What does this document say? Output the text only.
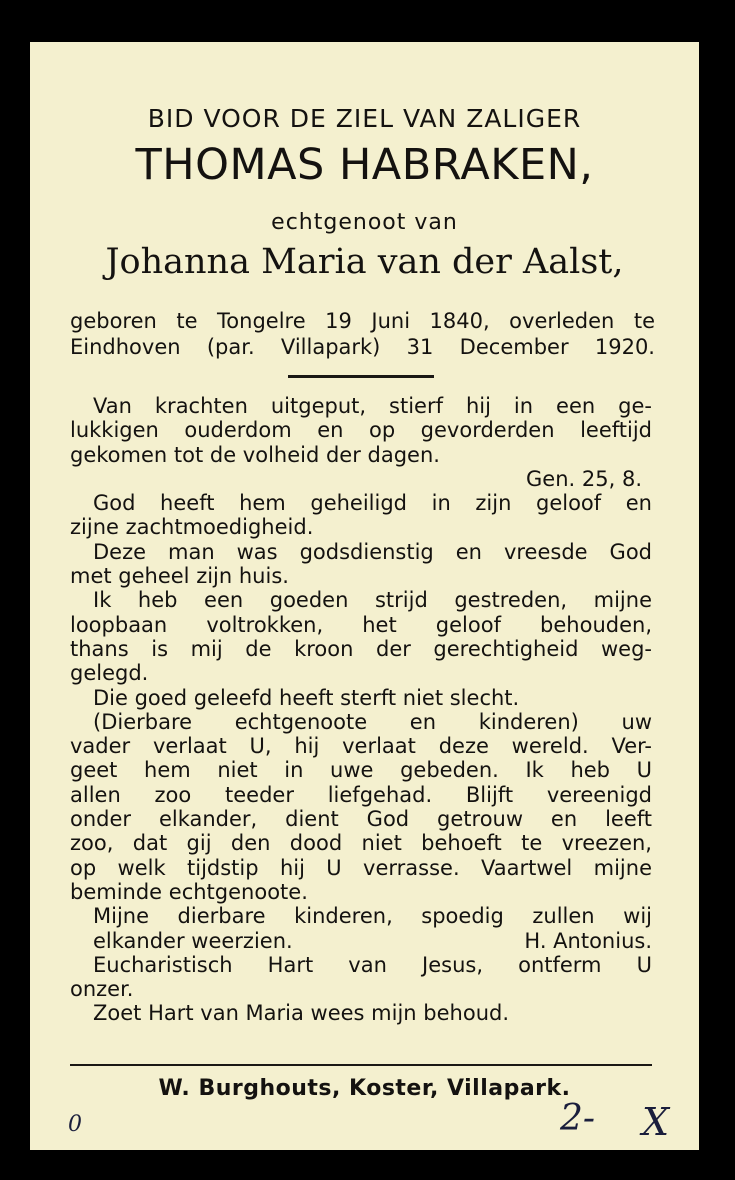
BID VOOR DE ZIEL VAN ZALIGER
THOMAS HABRAKEN,
echtgenoot van
Johanna Maria van der Aalst,
geboren te Tongelre 19 Juni 1840, overleden te
Eindhoven (par. Villapark) 31 December 1920.
Van krachten uitgeput, stierf hij in een ge-
lukkigen ouderdom en op gevorderden leeftijd
gekomen tot de volheid der dagen.
Gen. 25, 8.
God heeft hem geheiligd in zijn geloof en
zijne zachtmoedigheid.
Deze man was godsdienstig en vreesde God
met geheel zijn huis.
Ik heb een goeden strijd gestreden, mijne
loopbaan voltrokken, het geloof behouden,
thans is mij de kroon der gerechtigheid weg-
gelegd.
Die goed geleefd heeft sterft niet slecht.
(Dierbare echtgenoote en kinderen) uw
vader verlaat U, hij verlaat deze wereld. Ver-
geet hem niet in uwe gebeden. Ik heb U
allen zoo teeder liefgehad. Blijft vereenigd
onder elkander, dient God getrouw en leeft
zoo, dat gij den dood niet behoeft te vreezen,
op welk tijdstip hij U verrasse. Vaartwel mijne
beminde echtgenoote.
Mijne dierbare kinderen, spoedig zullen wij
elkander weerzien.	H. Antonius.
Eucharistisch Hart van Jesus, ontferm U
onzer.
Zoet Hart van Maria wees mijn behoud.
W. Burghouts, Koster, Villapark.
0	2- X
